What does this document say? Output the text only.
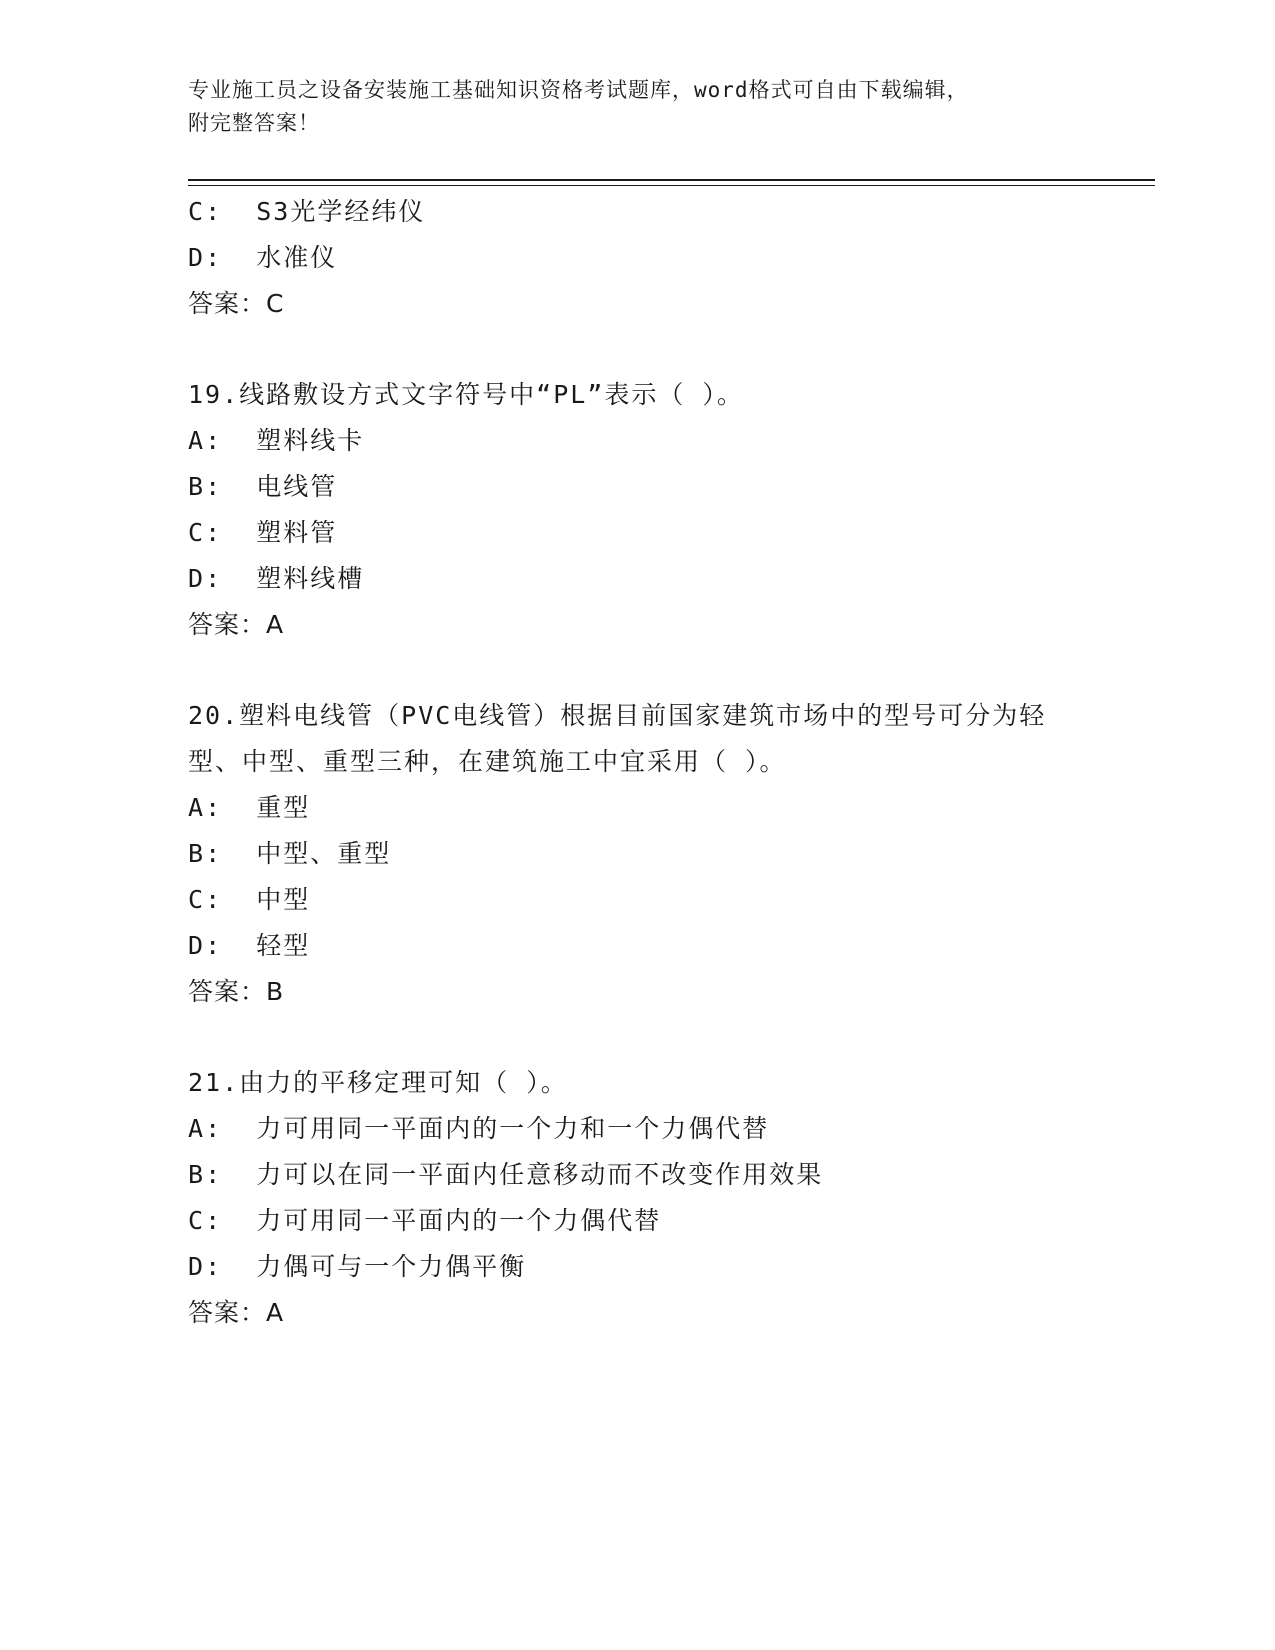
专业施工员之设备安装施工基础知识资格考试题库，word格式可自由下载编辑，
附完整答案！
C:  S3光学经纬仪
D:  水准仪
答案：C
19.线路敷设方式文字符号中“PL”表示（ ）。
A:  塑料线卡
B:  电线管
C:  塑料管
D:  塑料线槽
答案：A
20.塑料电线管（PVC电线管）根据目前国家建筑市场中的型号可分为轻型、中型、重型三种，在建筑施工中宜采用（ ）。
A:  重型
B:  中型、重型
C:  中型
D:  轻型
答案：B
21.由力的平移定理可知（ ）。
A:  力可用同一平面内的一个力和一个力偶代替
B:  力可以在同一平面内任意移动而不改变作用效果
C:  力可用同一平面内的一个力偶代替
D:  力偶可与一个力偶平衡
答案：A
